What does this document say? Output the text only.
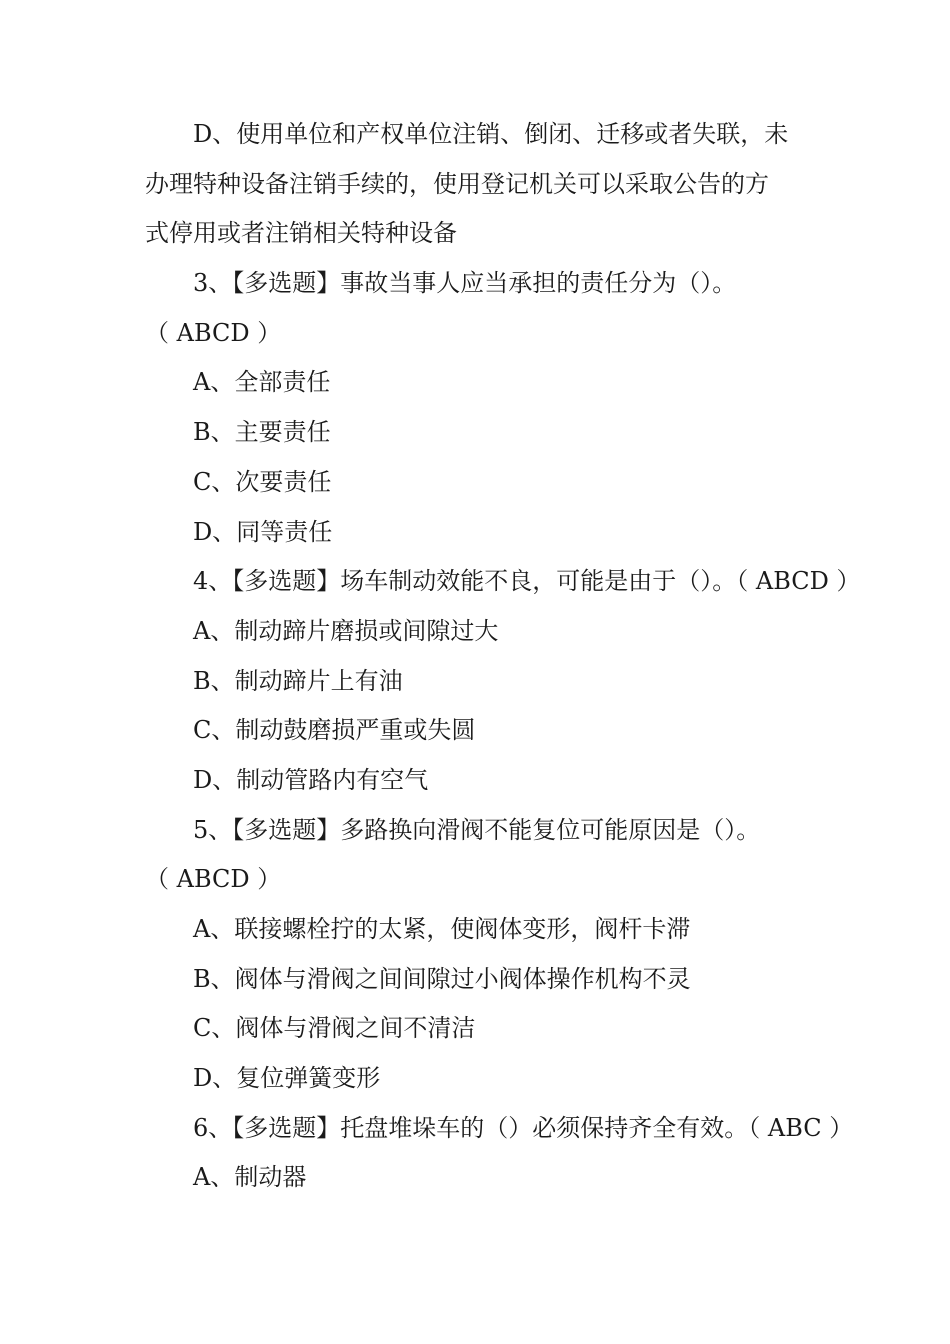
D、使用单位和产权单位注销、倒闭、迁移或者失联，未
办理特种设备注销手续的，使用登记机关可以采取公告的方
式停用或者注销相关特种设备
3、【多选题】事故当事人应当承担的责任分为（）。
（ ABCD ）
A、全部责任
B、主要责任
C、次要责任
D、同等责任
4、【多选题】场车制动效能不良，可能是由于（）。（ ABCD ）
A、制动蹄片磨损或间隙过大
B、制动蹄片上有油
C、制动鼓磨损严重或失圆
D、制动管路内有空气
5、【多选题】多路换向滑阀不能复位可能原因是（）。
（ ABCD ）
A、联接螺栓拧的太紧，使阀体变形，阀杆卡滞
B、阀体与滑阀之间间隙过小阀体操作机构不灵
C、阀体与滑阀之间不清洁
D、复位弹簧变形
6、【多选题】托盘堆垛车的（）必须保持齐全有效。（ ABC ）
A、制动器
